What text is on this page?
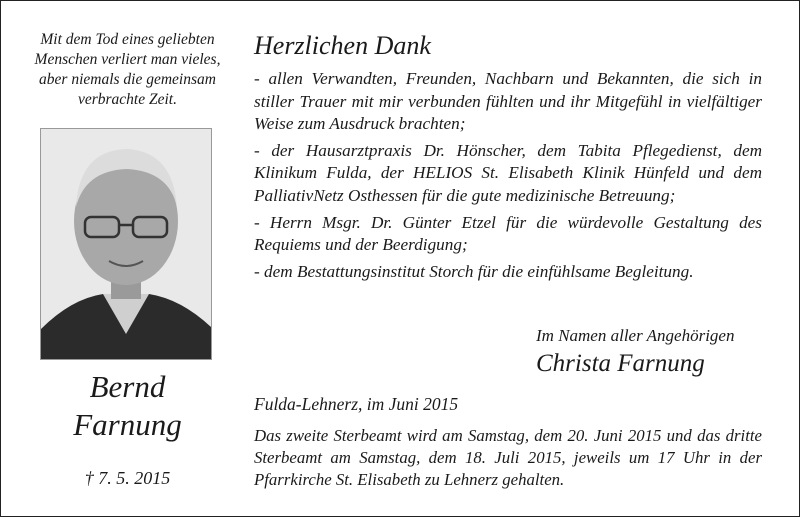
Mit dem Tod eines geliebten
Menschen verliert man vieles,
aber niemals die gemeinsam
verbrachte Zeit.
Bernd
Farnung
† 7. 5. 2015
Herzlichen Dank
- allen Verwandten, Freunden, Nachbarn und Bekannten, die sich in stiller Trauer mit mir verbunden fühlten und ihr Mitgefühl in vielfältiger Weise zum Ausdruck brachten;
- der Hausarztpraxis Dr. Hönscher, dem Tabita Pflegedienst, dem Klinikum Fulda, der HELIOS St. Elisabeth Klinik Hünfeld und dem PalliativNetz Osthessen für die gute medizinische Betreuung;
- Herrn Msgr. Dr. Günter Etzel für die würdevolle Gestaltung des Requiems und der Beerdigung;
- dem Bestattungsinstitut Storch für die einfühlsame Begleitung.
Im Namen aller Angehörigen
Christa Farnung
Fulda-Lehnerz, im Juni 2015
Das zweite Sterbeamt wird am Samstag, dem 20. Juni 2015 und das dritte Sterbeamt am Samstag, dem 18. Juli 2015, jeweils um 17 Uhr in der Pfarrkirche St. Elisabeth zu Lehnerz gehalten.
